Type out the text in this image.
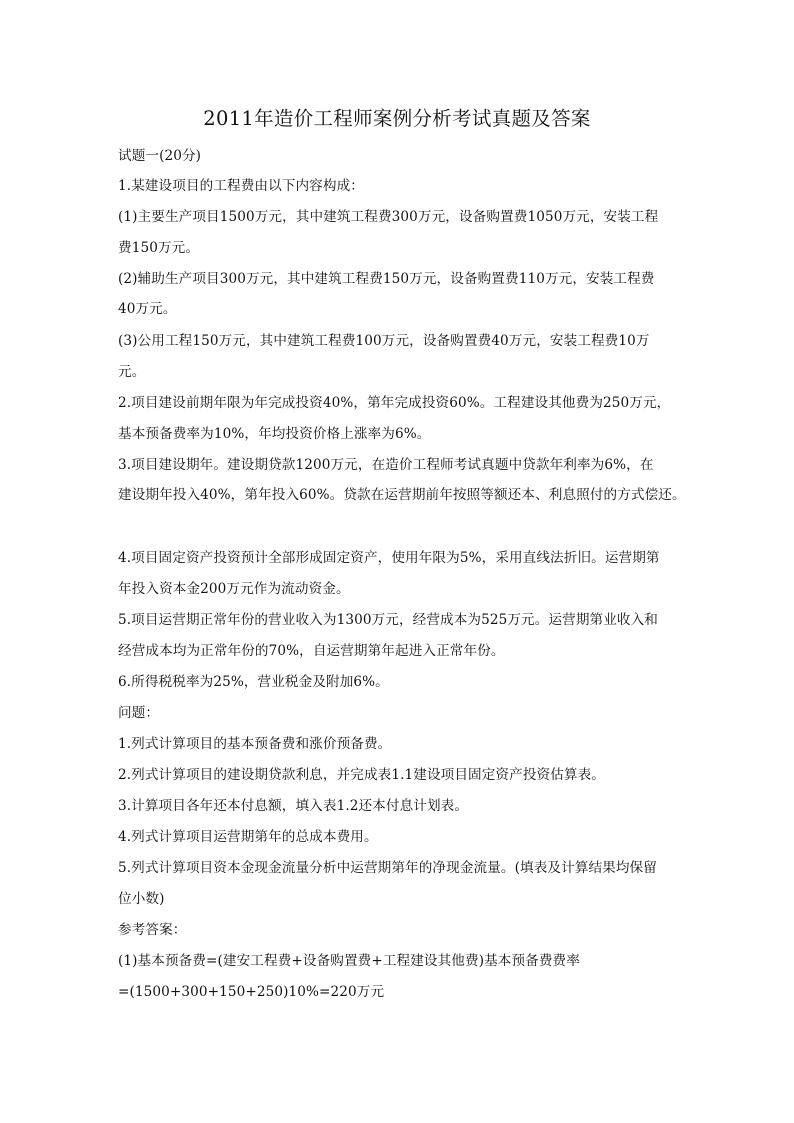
2011年造价工程师案例分析考试真题及答案
试题一(20分)
1.某建设项目的工程费由以下内容构成：
(1)主要生产项目1500万元，其中建筑工程费300万元，设备购置费1050万元，安装工程
费150万元。
(2)辅助生产项目300万元，其中建筑工程费150万元，设备购置费110万元，安装工程费
40万元。
(3)公用工程150万元，其中建筑工程费100万元，设备购置费40万元，安装工程费10万
元。
2.项目建设前期年限为年完成投资40%，第年完成投资60%。工程建设其他费为250万元，
基本预备费率为10%，年均投资价格上涨率为6%。
3.项目建设期年。建设期贷款1200万元，在造价工程师考试真题中贷款年利率为6%，在
建设期年投入40%，第年投入60%。贷款在运营期前年按照等额还本、利息照付的方式偿还。
4.项目固定资产投资预计全部形成固定资产，使用年限为5%，采用直线法折旧。运营期第
年投入资本金200万元作为流动资金。
5.项目运营期正常年份的营业收入为1300万元，经营成本为525万元。运营期第业收入和
经营成本均为正常年份的70%，自运营期第年起进入正常年份。
6.所得税税率为25%，营业税金及附加6%。
问题：
1.列式计算项目的基本预备费和涨价预备费。
2.列式计算项目的建设期贷款利息，并完成表1.1建设项目固定资产投资估算表。
3.计算项目各年还本付息额，填入表1.2还本付息计划表。
4.列式计算项目运营期第年的总成本费用。
5.列式计算项目资本金现金流量分析中运营期第年的净现金流量。(填表及计算结果均保留
位小数)
参考答案：
(1)基本预备费=(建安工程费+设备购置费+工程建设其他费)基本预备费费率
=(1500+300+150+250)10%=220万元
